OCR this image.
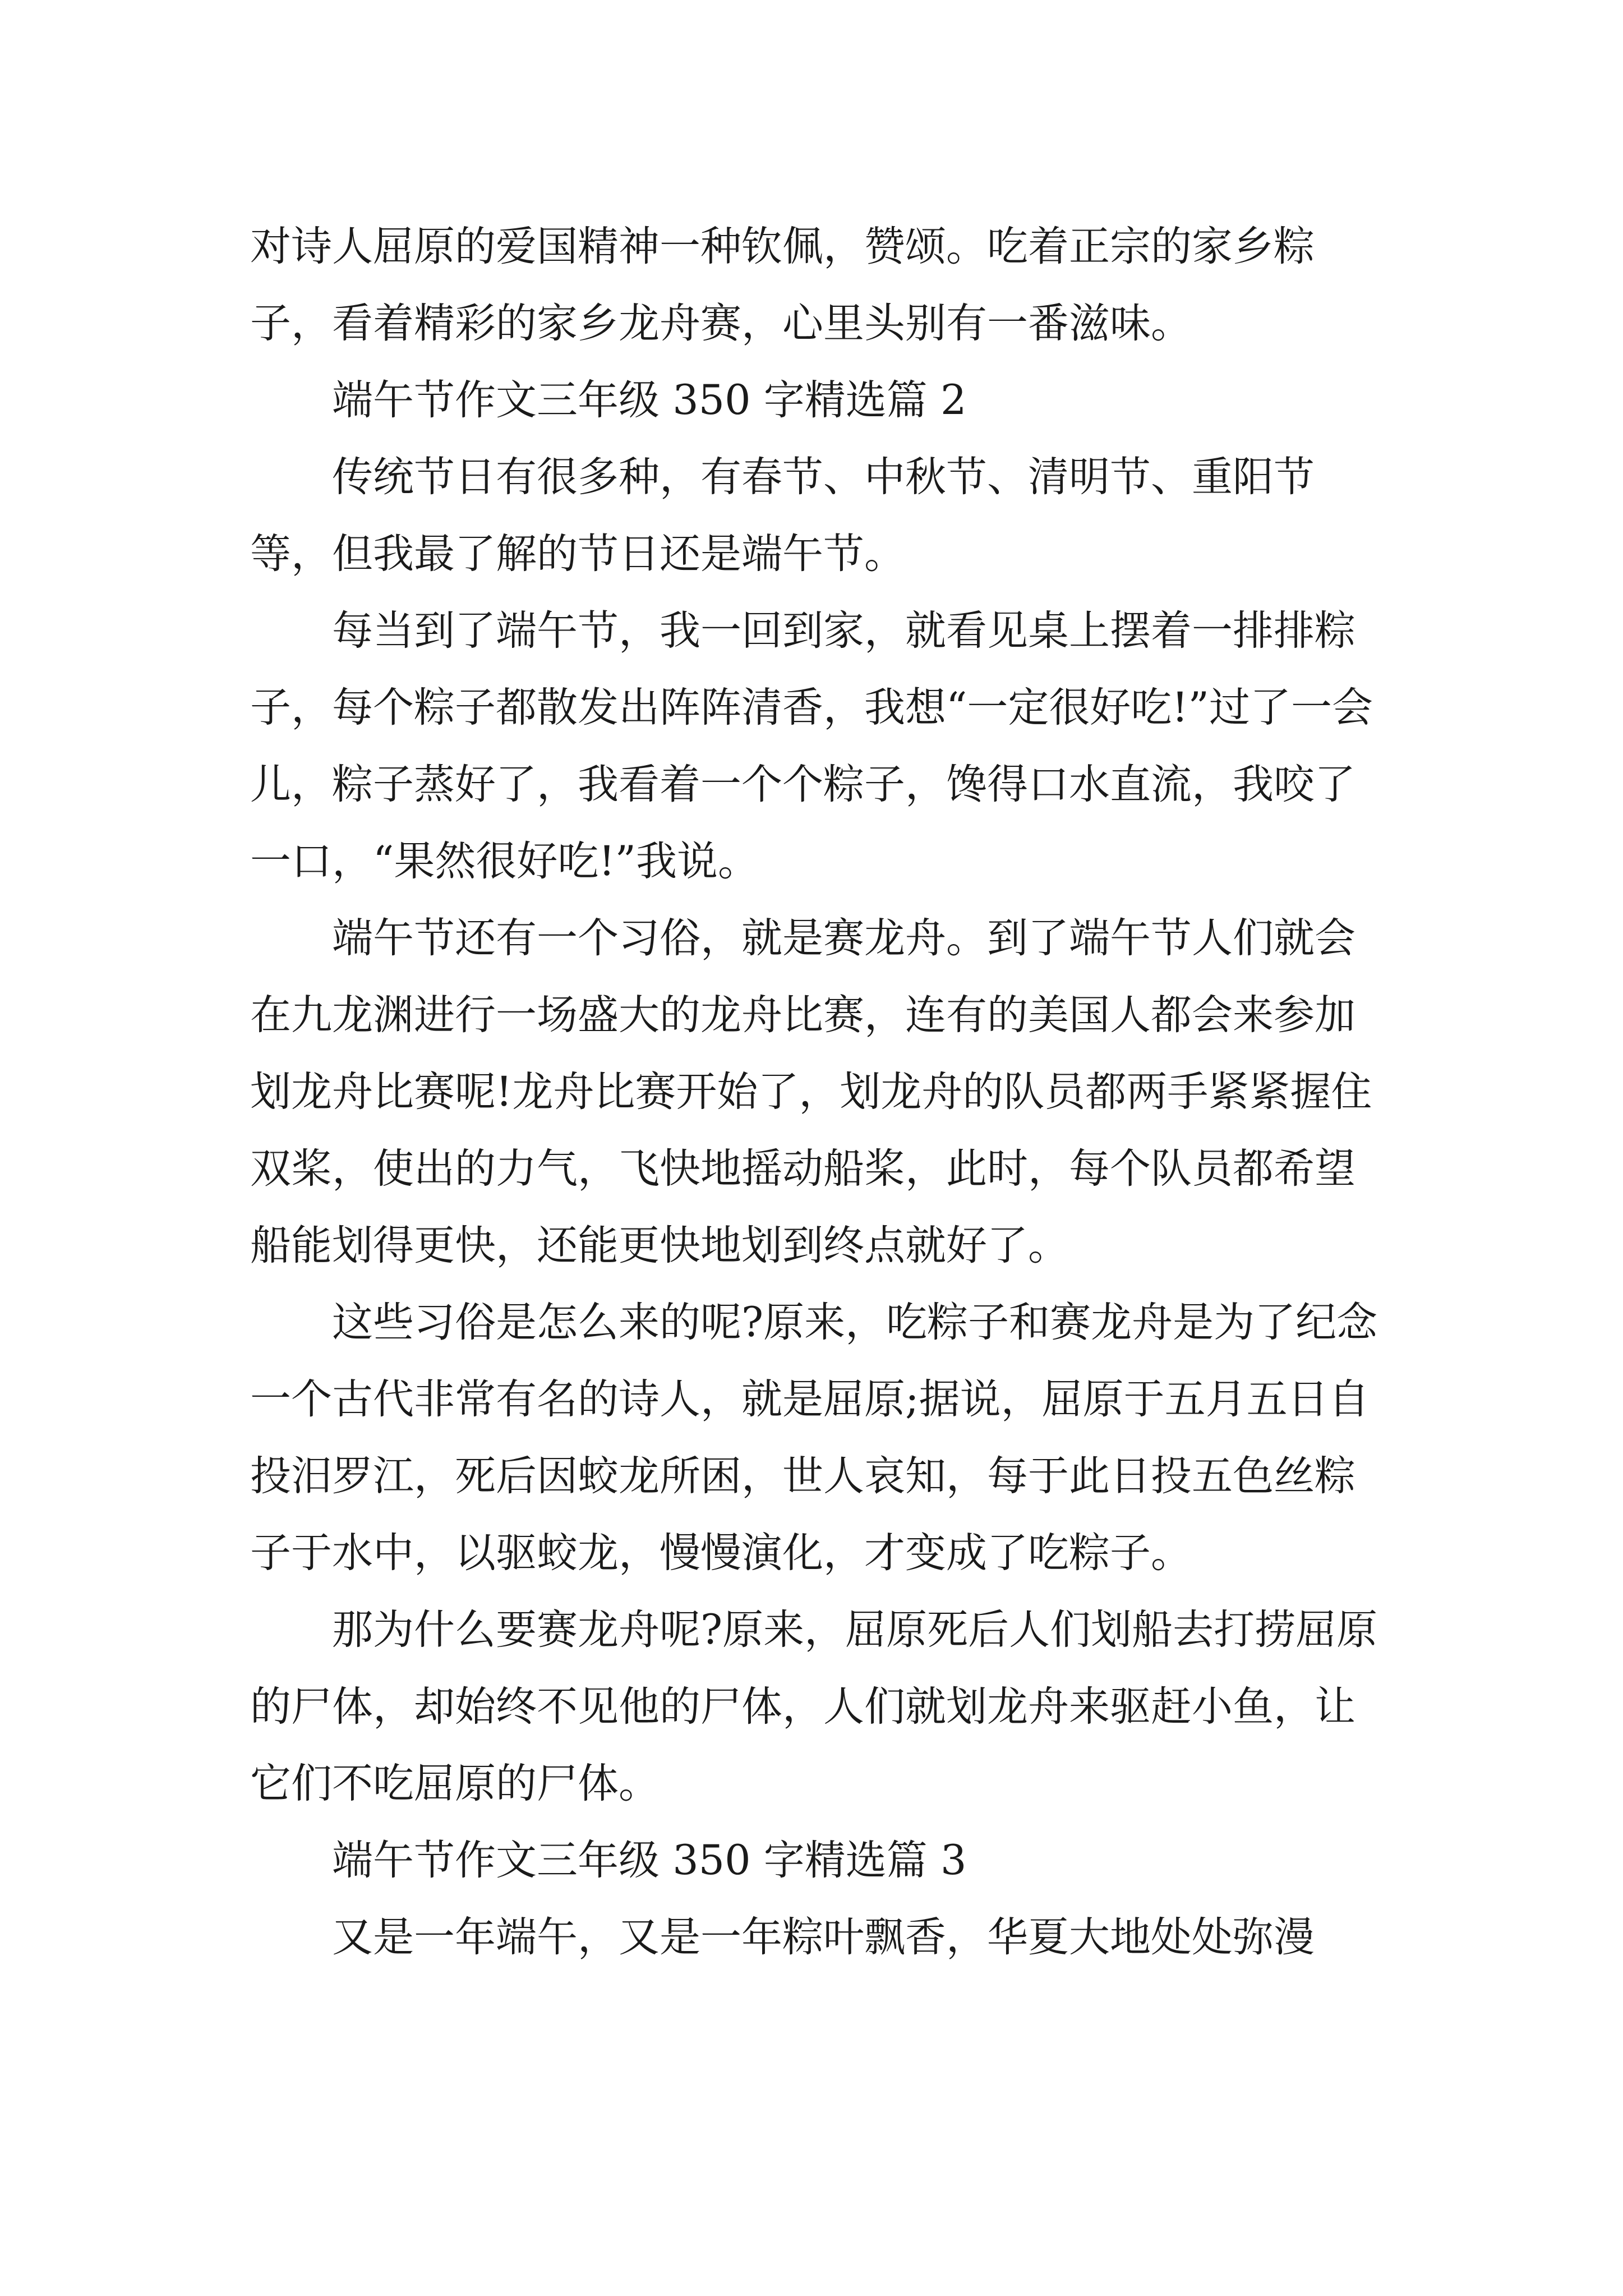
对诗人屈原的爱国精神一种钦佩，赞颂。吃着正宗的家乡粽子，看着精彩的家乡龙舟赛，心里头别有一番滋味。

端午节作文三年级 350 字精选篇 2

传统节日有很多种，有春节、中秋节、清明节、重阳节等，但我最了解的节日还是端午节。

每当到了端午节，我一回到家，就看见桌上摆着一排排粽子，每个粽子都散发出阵阵清香，我想“一定很好吃!”过了一会儿，粽子蒸好了，我看着一个个粽子，馋得口水直流，我咬了一口，“果然很好吃!”我说。

端午节还有一个习俗，就是赛龙舟。到了端午节人们就会在九龙渊进行一场盛大的龙舟比赛，连有的美国人都会来参加划龙舟比赛呢!龙舟比赛开始了，划龙舟的队员都两手紧紧握住双桨，使出的力气，飞快地摇动船桨，此时，每个队员都希望船能划得更快，还能更快地划到终点就好了。

这些习俗是怎么来的呢?原来，吃粽子和赛龙舟是为了纪念一个古代非常有名的诗人，就是屈原;据说，屈原于五月五日自投汨罗江，死后因蛟龙所困，世人哀知，每于此日投五色丝粽子于水中，以驱蛟龙，慢慢演化，才变成了吃粽子。

那为什么要赛龙舟呢?原来，屈原死后人们划船去打捞屈原的尸体，却始终不见他的尸体，人们就划龙舟来驱赶小鱼，让它们不吃屈原的尸体。

端午节作文三年级 350 字精选篇 3

又是一年端午，又是一年粽叶飘香，华夏大地处处弥漫
